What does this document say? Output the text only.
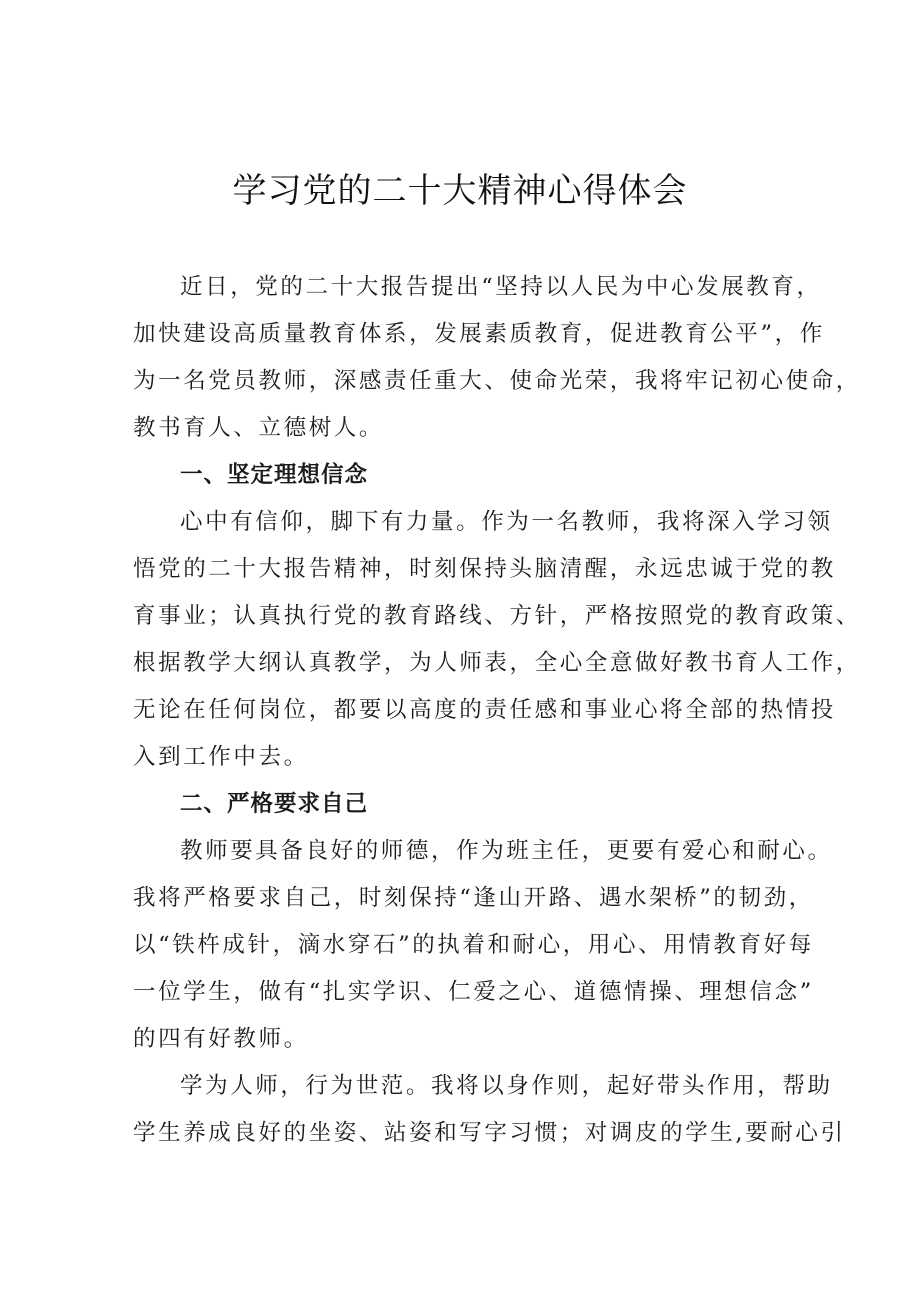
学习党的二十大精神心得体会
近日，党的二十大报告提出“坚持以人民为中心发展教育，
加快建设高质量教育体系，发展素质教育，促进教育公平”，作
为一名党员教师，深感责任重大、使命光荣，我将牢记初心使命，
教书育人、立德树人。
一、坚定理想信念
心中有信仰，脚下有力量。作为一名教师，我将深入学习领
悟党的二十大报告精神，时刻保持头脑清醒，永远忠诚于党的教
育事业；认真执行党的教育路线、方针，严格按照党的教育政策、
根据教学大纲认真教学，为人师表，全心全意做好教书育人工作，
无论在任何岗位，都要以高度的责任感和事业心将全部的热情投
入到工作中去。
二、严格要求自己
教师要具备良好的师德，作为班主任，更要有爱心和耐心。
我将严格要求自己，时刻保持“逢山开路、遇水架桥”的韧劲，
以“铁杵成针，滴水穿石”的执着和耐心，用心、用情教育好每
一位学生，做有“扎实学识、仁爱之心、道德情操、理想信念”
的四有好教师。
学为人师，行为世范。我将以身作则，起好带头作用，帮助
学生养成良好的坐姿、站姿和写字习惯；对调皮的学生,要耐心引
